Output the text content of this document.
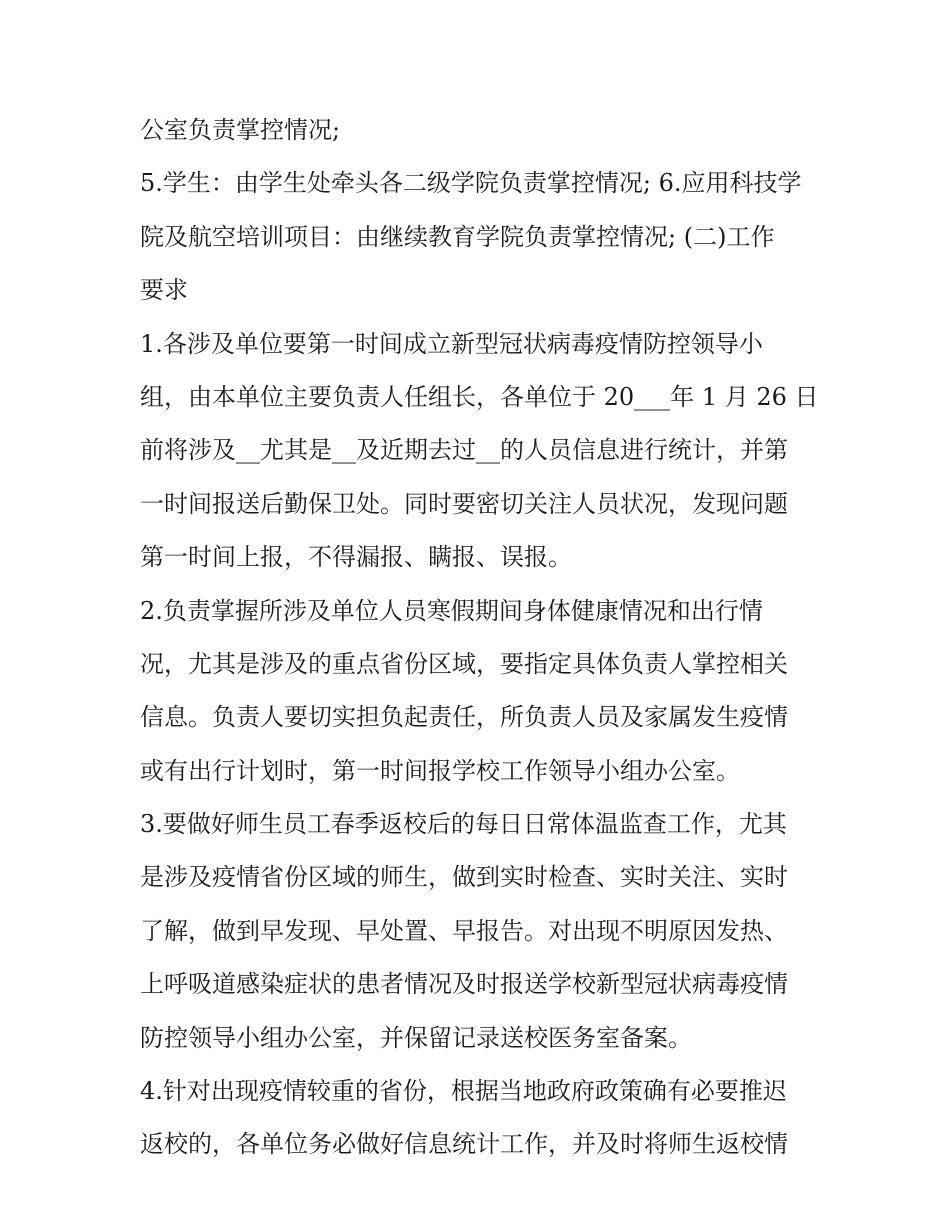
公室负责掌控情况;
5.学生：由学生处牵头各二级学院负责掌控情况; 6.应用科技学
院及航空培训项目：由继续教育学院负责掌控情况; (二)工作
要求
1.各涉及单位要第一时间成立新型冠状病毒疫情防控领导小
组，由本单位主要负责人任组长，各单位于 20___年 1 月 26 日
前将涉及__尤其是__及近期去过__的人员信息进行统计，并第
一时间报送后勤保卫处。同时要密切关注人员状况，发现问题
第一时间上报，不得漏报、瞒报、误报。
2.负责掌握所涉及单位人员寒假期间身体健康情况和出行情
况，尤其是涉及的重点省份区域，要指定具体负责人掌控相关
信息。负责人要切实担负起责任，所负责人员及家属发生疫情
或有出行计划时，第一时间报学校工作领导小组办公室。
3.要做好师生员工春季返校后的每日日常体温监查工作，尤其
是涉及疫情省份区域的师生，做到实时检查、实时关注、实时
了解，做到早发现、早处置、早报告。对出现不明原因发热、
上呼吸道感染症状的患者情况及时报送学校新型冠状病毒疫情
防控领导小组办公室，并保留记录送校医务室备案。
4.针对出现疫情较重的省份，根据当地政府政策确有必要推迟
返校的，各单位务必做好信息统计工作，并及时将师生返校情
